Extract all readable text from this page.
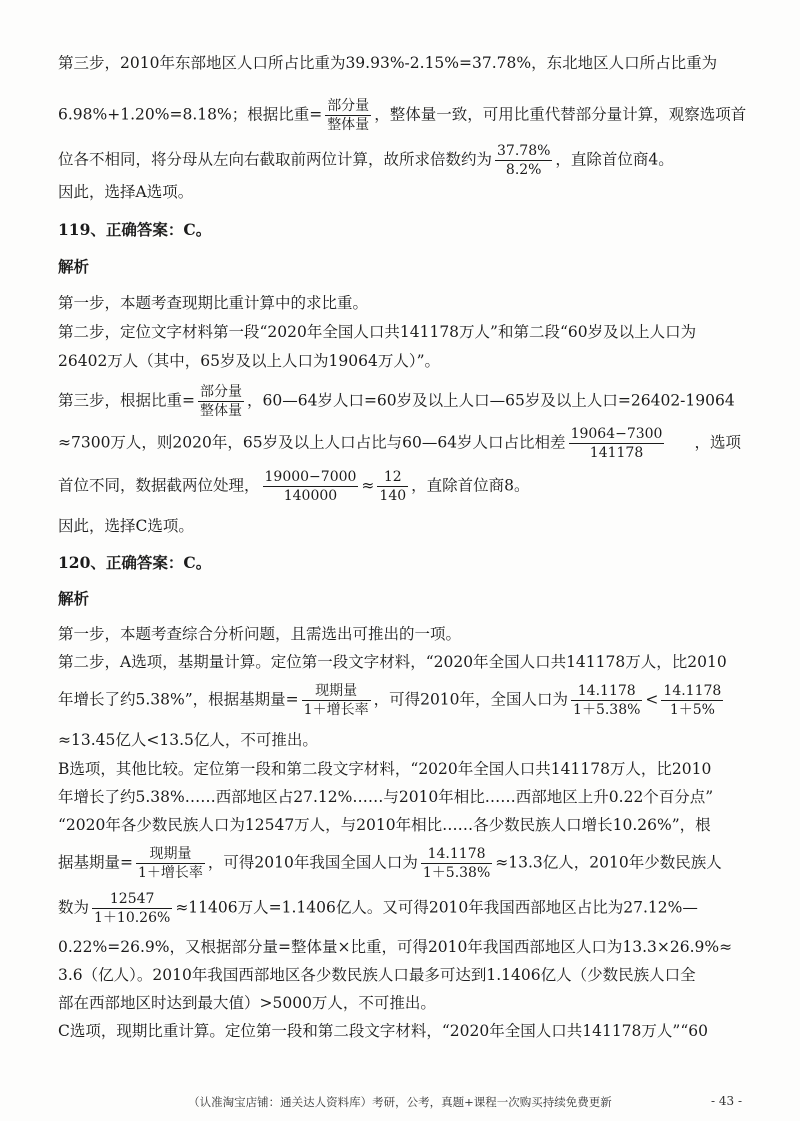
第三步，2010年东部地区人口所占比重为39.93%-2.15%=37.78%，东北地区人口所占比重为
6.98%+1.20%=8.18%；根据比重= 部分量
整体量
，整体量一致，可用比重代替部分量计算，观察选项首
位各不相同，将分母从左向右截取前两位计算，故所求倍数约为 $\frac{37.78\%}{8.2\%}$ ，直除首位商4。
因此，选择A选项。
119、正确答案：C。
解析
第一步，本题考查现期比重计算中的求比重。
第二步，定位文字材料第一段“2020年全国人口共141178万人”和第二段“60岁及以上人口为
26402万人（其中，65岁及以上人口为19064万人）”。
第三步，根据比重= 部分量
整体量
，60—64岁人口=60岁及以上人口—65岁及以上人口=26402-19064
≈7300万人，则2020年，65岁及以上人口占比与60—64岁人口占比相差 $\frac{19064-7300}{141178}$ ，选项
首位不同，数据截两位处理， $\frac{19000-7000}{140000} \approx \frac{12}{140}$ ，直除首位商8。
因此，选择C选项。
120、正确答案：C。
解析
第一步，本题考查综合分析问题，且需选出可推出的一项。
第二步，A选项，基期量计算。定位第一段文字材料，“2020年全国人口共141178万人，比2010
年增长了约5.38%”，根据基期量=	现期量
1＋增长率
，可得2010年，全国人口为 $\frac{14.1178}{1+5.38\%} < \frac{14.1178}{1+5\%}$
≈13.45亿人<13.5亿人，不可推出。
B选项，其他比较。定位第一段和第二段文字材料，“2020年全国人口共141178万人，比2010
年增长了约5.38%……西部地区占27.12%……与2010年相比……西部地区上升0.22个百分点”
“2020年各少数民族人口为12547万人，与2010年相比……各少数民族人口增长10.26%”，根
据基期量=	现期量
1＋增长率
，可得2010年我国全国人口为 $\frac{14.1178}{1+5.38\%} \approx 13.3$亿人，2010年少数民族人
数为 $\frac{12547}{1+10.26\%} \approx 11406$万人=1.1406亿人。又可得2010年我国西部地区占比为27.12%—
0.22%=26.9%，又根据部分量=整体量×比重，可得2010年我国西部地区人口为13.3×26.9%≈
3.6（亿人）。2010年我国西部地区各少数民族人口最多可达到1.1406亿人（少数民族人口全
部在西部地区时达到最大值）>5000万人，不可推出。
C选项，现期比重计算。定位第一段和第二段文字材料，“2020年全国人口共141178万人”“60
（认准淘宝店铺：通关达人资料库）考研，公考，真题+课程一次购买持续免费更新	- 43 -
